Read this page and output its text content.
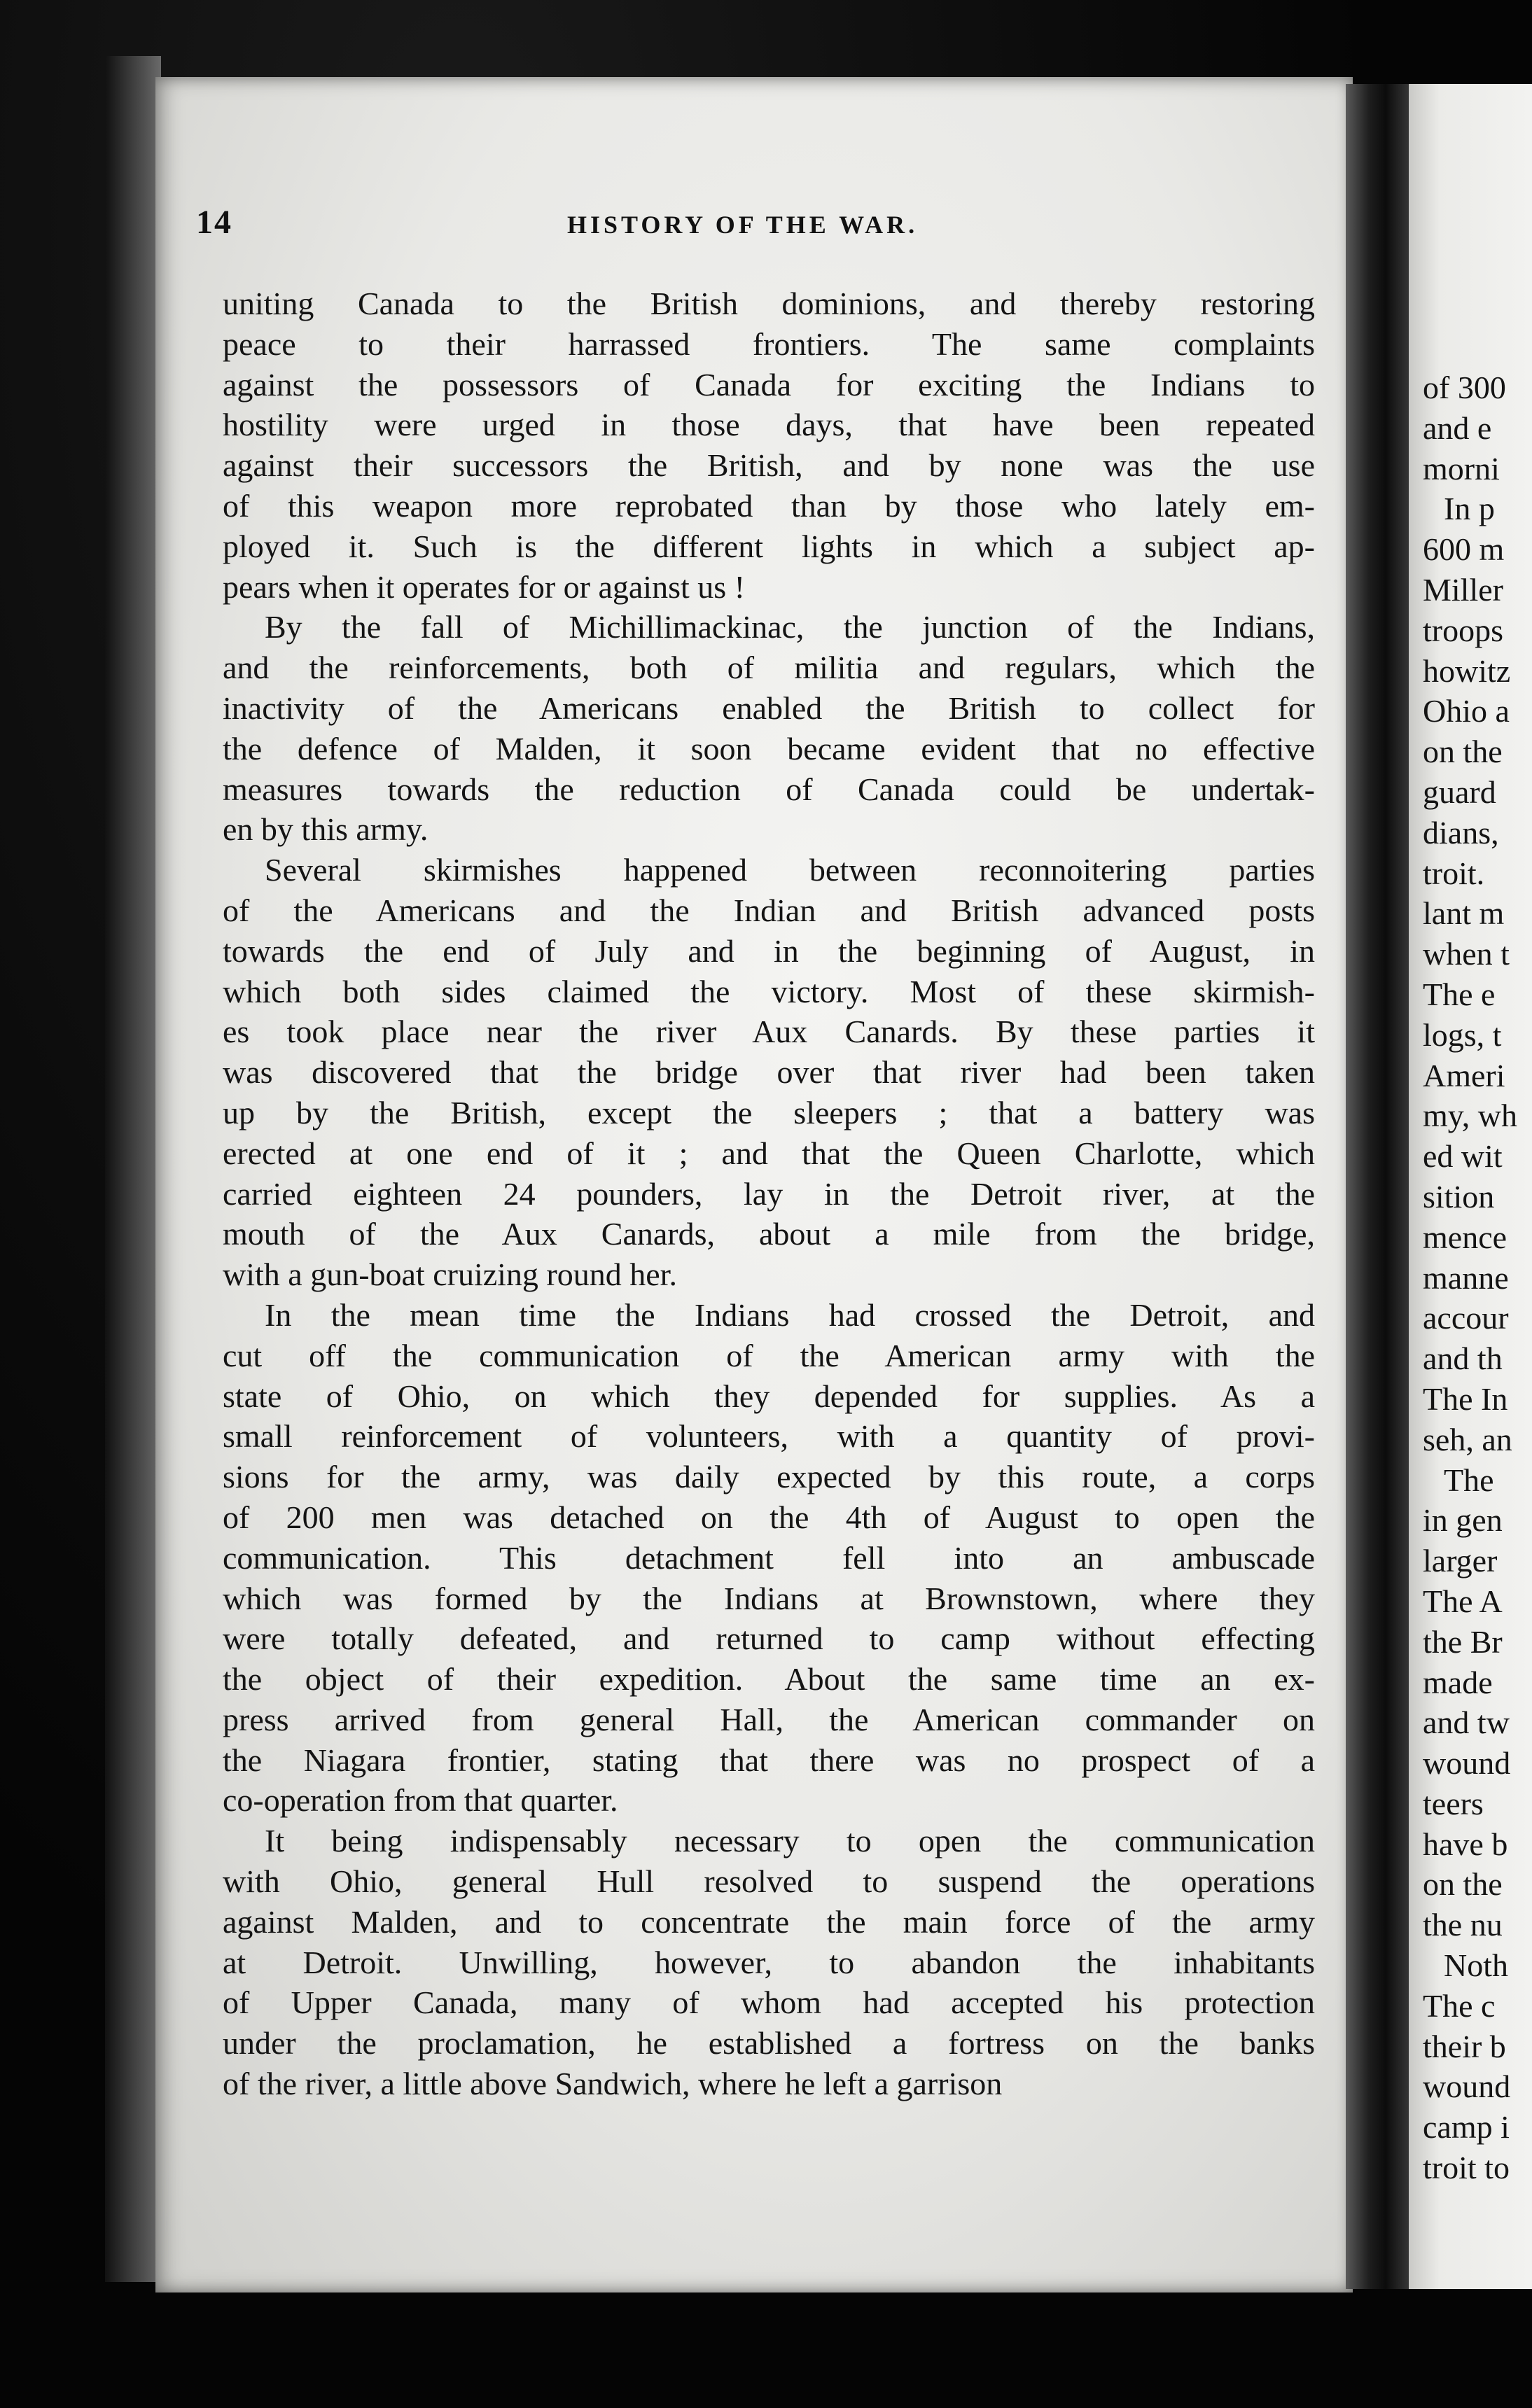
of 300
and e
morni
In p
600 m
Miller
troops
howitz
Ohio a
on the
guard
dians,
troit.
lant m
when t
The e
logs, t
Ameri
my, wh
ed wit
sition
mence
manne
accour
and th
The In
seh, an
The
in gen
larger
The A
the Br
made
and tw
wound
teers
have b
on the
the nu
Noth
The c
their b
wound
camp i
troit to
14	HISTORY OF THE WAR.
uniting Canada to the British dominions, and thereby restoring
peace to their harrassed frontiers. The same complaints
against the possessors of Canada for exciting the Indians to
hostility were urged in those days, that have been repeated
against their successors the British, and by none was the use
of this weapon more reprobated than by those who lately em-
ployed it. Such is the different lights in which a subject ap-
pears when it operates for or against us !
By the fall of Michillimackinac, the junction of the Indians,
and the reinforcements, both of militia and regulars, which the
inactivity of the Americans enabled the British to collect for
the defence of Malden, it soon became evident that no effective
measures towards the reduction of Canada could be undertak-
en by this army.
Several skirmishes happened between reconnoitering parties
of the Americans and the Indian and British advanced posts
towards the end of July and in the beginning of August, in
which both sides claimed the victory. Most of these skirmish-
es took place near the river Aux Canards. By these parties it
was discovered that the bridge over that river had been taken
up by the British, except the sleepers ; that a battery was
erected at one end of it ; and that the Queen Charlotte, which
carried eighteen 24 pounders, lay in the Detroit river, at the
mouth of the Aux Canards, about a mile from the bridge,
with a gun-boat cruizing round her.
In the mean time the Indians had crossed the Detroit, and
cut off the communication of the American army with the
state of Ohio, on which they depended for supplies. As a
small reinforcement of volunteers, with a quantity of provi-
sions for the army, was daily expected by this route, a corps
of 200 men was detached on the 4th of August to open the
communication. This detachment fell into an ambuscade
which was formed by the Indians at Brownstown, where they
were totally defeated, and returned to camp without effecting
the object of their expedition. About the same time an ex-
press arrived from general Hall, the American commander on
the Niagara frontier, stating that there was no prospect of a
co-operation from that quarter.
It being indispensably necessary to open the communication
with Ohio, general Hull resolved to suspend the operations
against Malden, and to concentrate the main force of the army
at Detroit. Unwilling, however, to abandon the inhabitants
of Upper Canada, many of whom had accepted his protection
under the proclamation, he established a fortress on the banks
of the river, a little above Sandwich, where he left a garrison
